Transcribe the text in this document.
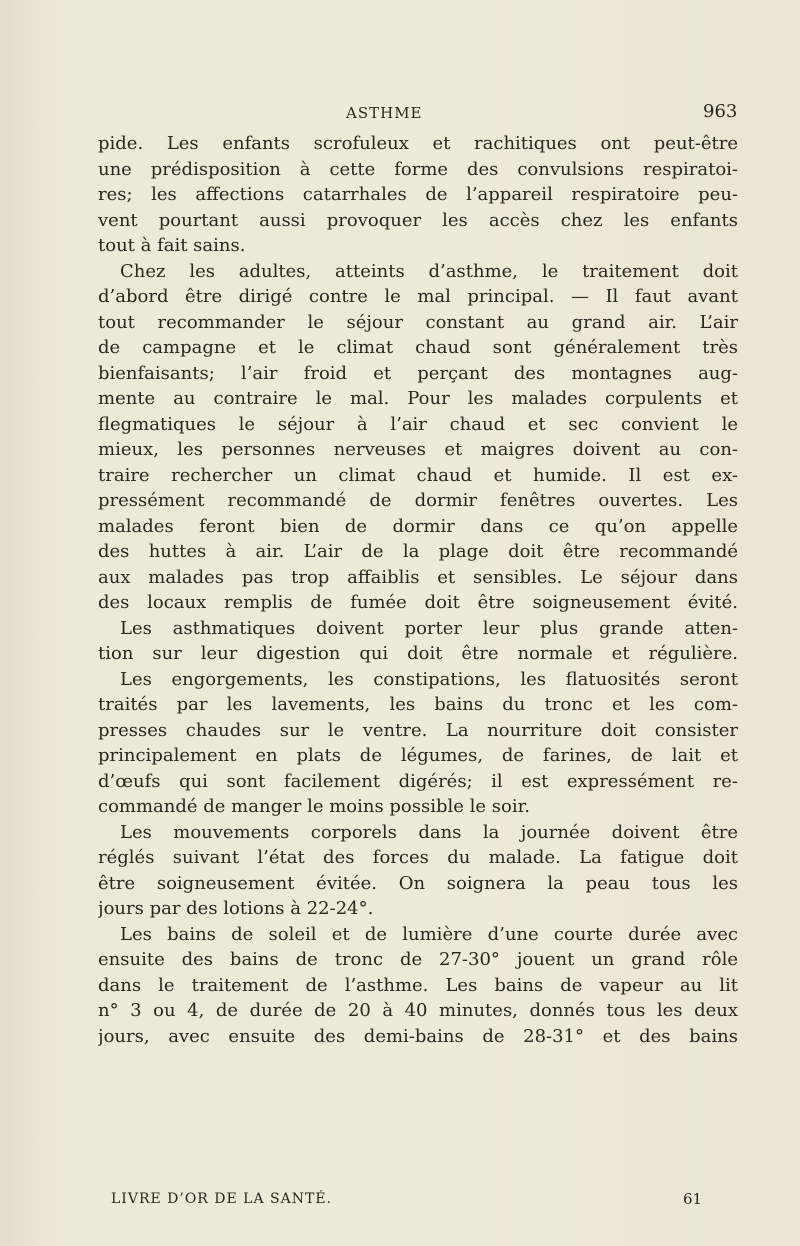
ASTHME	963
pide. Les enfants scrofuleux et rachitiques ont peut-être
une prédisposition à cette forme des convulsions respiratoi-
res; les affections catarrhales de l’appareil respiratoire peu-
vent pourtant aussi provoquer les accès chez les enfants
tout à fait sains.
Chez les adultes, atteints d’asthme, le traitement doit
d’abord être dirigé contre le mal principal. — Il faut avant
tout recommander le séjour constant au grand air. L’air
de campagne et le climat chaud sont généralement très
bienfaisants; l’air froid et perçant des montagnes aug-
mente au contraire le mal. Pour les malades corpulents et
flegmatiques le séjour à l’air chaud et sec convient le
mieux, les personnes nerveuses et maigres doivent au con-
traire rechercher un climat chaud et humide. Il est ex-
pressément recommandé de dormir fenêtres ouvertes. Les
malades feront bien de dormir dans ce qu’on appelle
des huttes à air. L’air de la plage doit être recommandé
aux malades pas trop affaiblis et sensibles. Le séjour dans
des locaux remplis de fumée doit être soigneusement évité.
Les asthmatiques doivent porter leur plus grande atten-
tion sur leur digestion qui doit être normale et régulière.
Les engorgements, les constipations, les flatuosités seront
traités par les lavements, les bains du tronc et les com-
presses chaudes sur le ventre. La nourriture doit consister
principalement en plats de légumes, de farines, de lait et
d’œufs qui sont facilement digérés; il est expressément re-
commandé de manger le moins possible le soir.
Les mouvements corporels dans la journée doivent être
réglés suivant l’état des forces du malade. La fatigue doit
être soigneusement évitée. On soignera la peau tous les
jours par des lotions à 22-24°.
Les bains de soleil et de lumière d’une courte durée avec
ensuite des bains de tronc de 27-30° jouent un grand rôle
dans le traitement de l’asthme. Les bains de vapeur au lit
n° 3 ou 4, de durée de 20 à 40 minutes, donnés tous les deux
jours, avec ensuite des demi-bains de 28-31° et des bains
LIVRE D’OR DE LA SANTÉ.	61
